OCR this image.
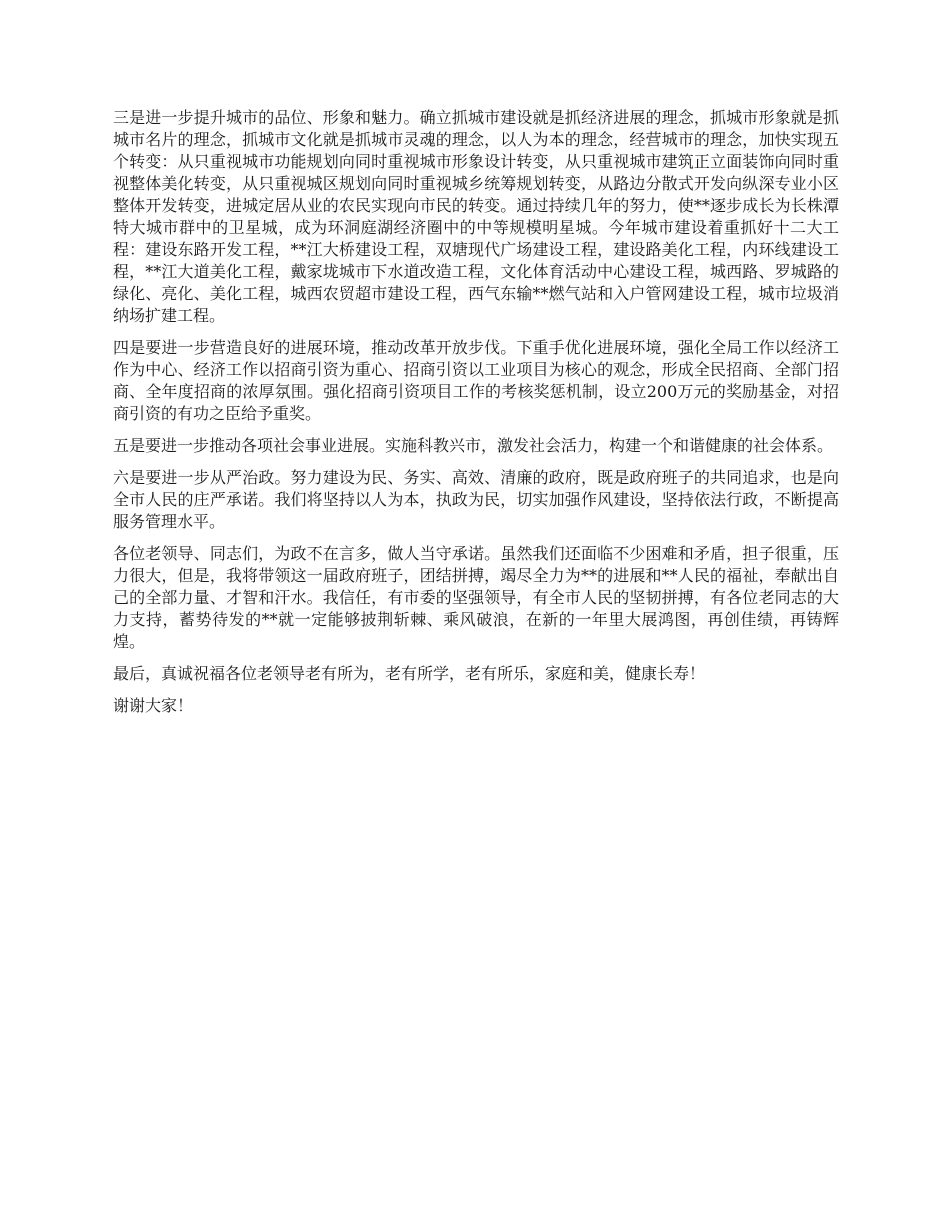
三是进一步提升城市的品位、形象和魅力。确立抓城市建设就是抓经济进展的理念，抓城市形象就是抓城市名片的理念，抓城市文化就是抓城市灵魂的理念，以人为本的理念，经营城市的理念，加快实现五个转变：从只重视城市功能规划向同时重视城市形象设计转变，从只重视城市建筑正立面装饰向同时重视整体美化转变，从只重视城区规划向同时重视城乡统筹规划转变，从路边分散式开发向纵深专业小区整体开发转变，进城定居从业的农民实现向市民的转变。通过持续几年的努力，使**逐步成长为长株潭特大城市群中的卫星城，成为环洞庭湖经济圈中的中等规模明星城。今年城市建设着重抓好十二大工程：建设东路开发工程，**江大桥建设工程，双塘现代广场建设工程，建设路美化工程，内环线建设工程，**江大道美化工程，戴家垅城市下水道改造工程，文化体育活动中心建设工程，城西路、罗城路的绿化、亮化、美化工程，城西农贸超市建设工程，西气东输**燃气站和入户管网建设工程，城市垃圾消纳场扩建工程。

四是要进一步营造良好的进展环境，推动改革开放步伐。下重手优化进展环境，强化全局工作以经济工作为中心、经济工作以招商引资为重心、招商引资以工业项目为核心的观念，形成全民招商、全部门招商、全年度招商的浓厚氛围。强化招商引资项目工作的考核奖惩机制，设立200万元的奖励基金，对招商引资的有功之臣给予重奖。

五是要进一步推动各项社会事业进展。实施科教兴市，激发社会活力，构建一个和谐健康的社会体系。

六是要进一步从严治政。努力建设为民、务实、高效、清廉的政府，既是政府班子的共同追求，也是向全市人民的庄严承诺。我们将坚持以人为本，执政为民，切实加强作风建设，坚持依法行政，不断提高服务管理水平。

各位老领导、同志们，为政不在言多，做人当守承诺。虽然我们还面临不少困难和矛盾，担子很重，压力很大，但是，我将带领这一届政府班子，团结拼搏，竭尽全力为**的进展和**人民的福祉，奉献出自己的全部力量、才智和汗水。我信任，有市委的坚强领导，有全市人民的坚韧拼搏，有各位老同志的大力支持，蓄势待发的**就一定能够披荆斩棘、乘风破浪，在新的一年里大展鸿图，再创佳绩，再铸辉煌。

最后，真诚祝福各位老领导老有所为，老有所学，老有所乐，家庭和美，健康长寿！

谢谢大家！
